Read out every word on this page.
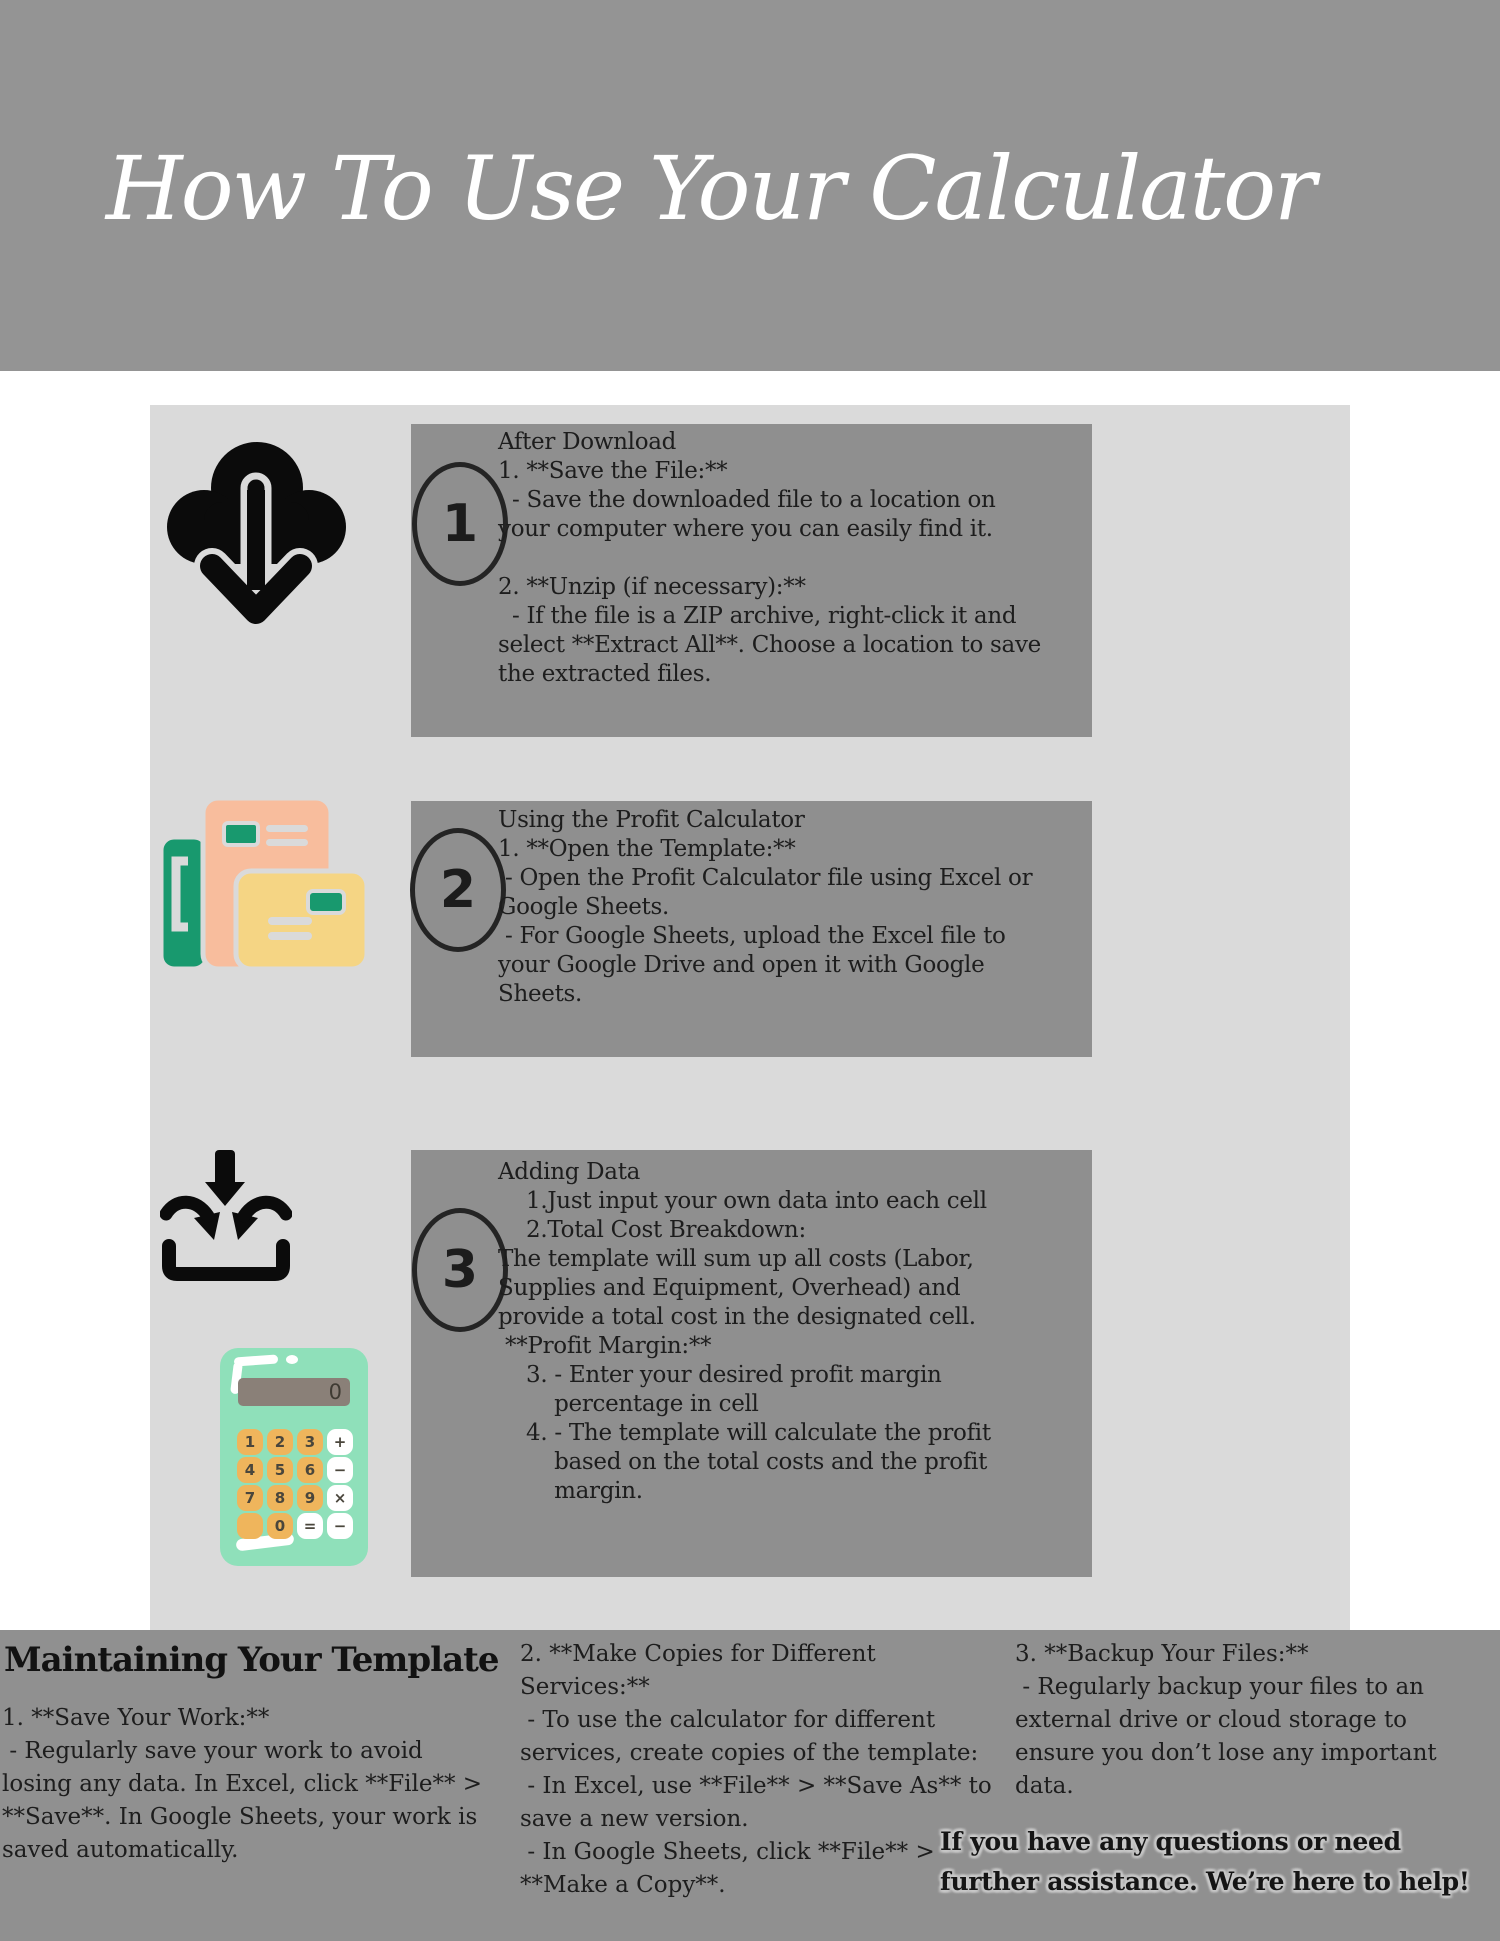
How To Use Your Calculator
1
After Download
1. **Save the File:**
- Save the downloaded file to a location on
your computer where you can easily find it.
2. **Unzip (if necessary):**
- If the file is a ZIP archive, right-click it and
select **Extract All**. Choose a location to save
the extracted files.
2
Using the Profit Calculator
1. **Open the Template:**
- Open the Profit Calculator file using Excel or
Google Sheets.
- For Google Sheets, upload the Excel file to
your Google Drive and open it with Google
Sheets.
3
Adding Data
1.Just input your own data into each cell
2.Total Cost Breakdown:
The template will sum up all costs (Labor,
Supplies and Equipment, Overhead) and
provide a total cost in the designated cell.
**Profit Margin:**
3. - Enter your desired profit margin
percentage in cell
4. - The template will calculate the profit
based on the total costs and the profit
margin.
0
1	2	3	+
4	5	6	−
7	8	9	×
0	=	−
Maintaining Your Template
1. **Save Your Work:**
- Regularly save your work to avoid
losing any data. In Excel, click **File** >
**Save**. In Google Sheets, your work is
saved automatically.
2. **Make Copies for Different
Services:**
- To use the calculator for different
services, create copies of the template:
- In Excel, use **File** > **Save As** to
save a new version.
- In Google Sheets, click **File** >
**Make a Copy**.
3. **Backup Your Files:**
- Regularly backup your files to an
external drive or cloud storage to
ensure you don’t lose any important
data.
If you have any questions or need
further assistance. We’re here to help!
